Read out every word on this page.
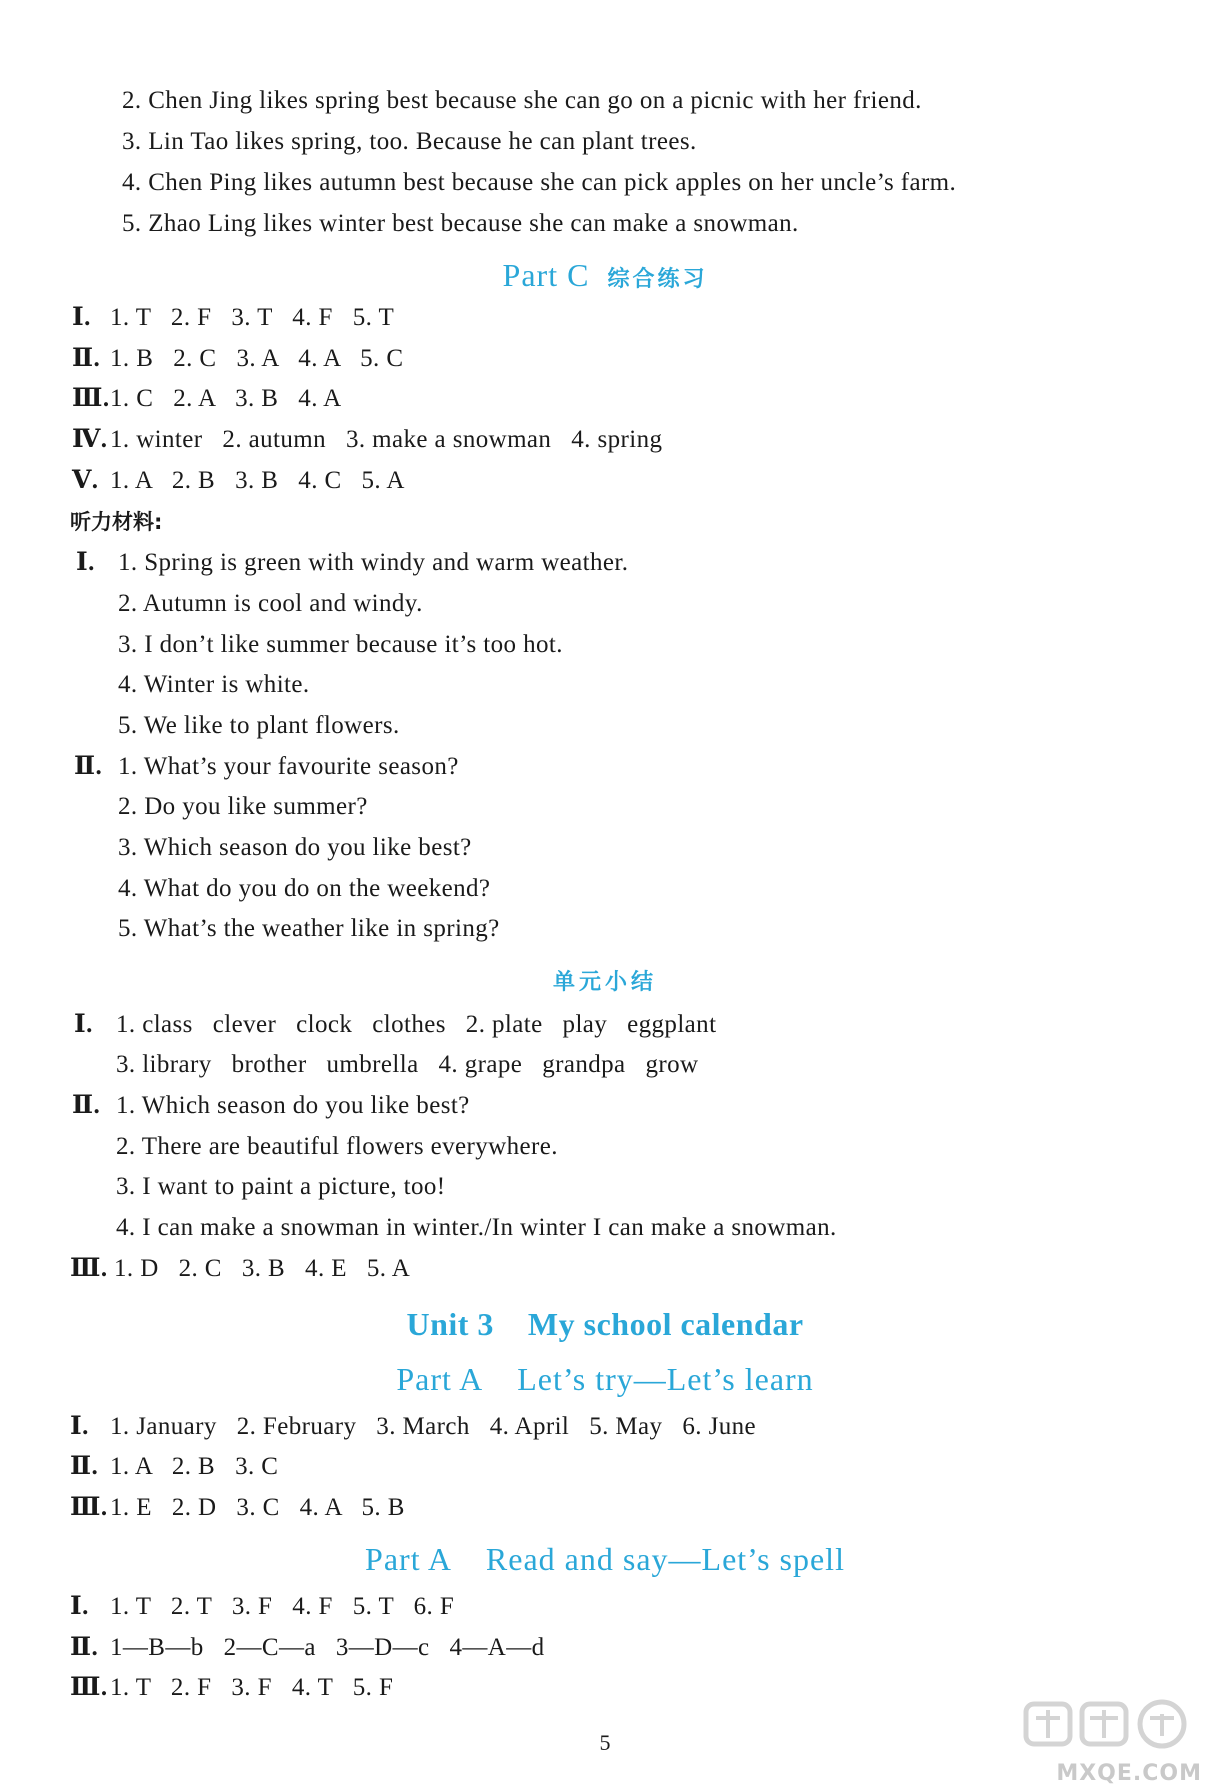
2. Chen Jing likes spring best because she can go on a picnic with her friend.
3. Lin Tao likes spring, too. Because he can plant trees.
4. Chen Ping likes autumn best because she can pick apples on her uncle’s farm.
5. Zhao Ling likes winter best because she can make a snowman.
Part C 综合练习
Ⅰ. 1. T   2. F   3. T   4. F   5. T
Ⅱ. 1. B   2. C   3. A   4. A   5. C
Ⅲ.1. C   2. A   3. B   4. A
Ⅳ. 1. winter   2. autumn   3. make a snowman   4. spring
Ⅴ. 1. A   2. B   3. B   4. C   5. A
听力材料:
Ⅰ. 1. Spring is green with windy and warm weather.
2. Autumn is cool and windy.
3. I don’t like summer because it’s too hot.
4. Winter is white.
5. We like to plant flowers.
Ⅱ. 1. What’s your favourite season?
2. Do you like summer?
3. Which season do you like best?
4. What do you do on the weekend?
5. What’s the weather like in spring?
单元小结
Ⅰ. 1. class   clever   clock   clothes   2. plate   play   eggplant
3. library   brother   umbrella   4. grape   grandpa   grow
Ⅱ. 1. Which season do you like best?
2. There are beautiful flowers everywhere.
3. I want to paint a picture, too!
4. I can make a snowman in winter./In winter I can make a snowman.
Ⅲ. 1. D   2. C   3. B   4. E   5. A
Unit 3 My school calendar
Part A Let’s try—Let’s learn
Ⅰ. 1. January   2. February   3. March   4. April   5. May   6. June
Ⅱ. 1. A   2. B   3. C
Ⅲ. 1. E   2. D   3. C   4. A   5. B
Part A Read and say—Let’s spell
Ⅰ. 1. T   2. T   3. F   4. F   5. T   6. F
Ⅱ. 1—B—b   2—C—a   3—D—c   4—A—d
Ⅲ. 1. T   2. F   3. F   4. T   5. F
5
MXQE.COM
